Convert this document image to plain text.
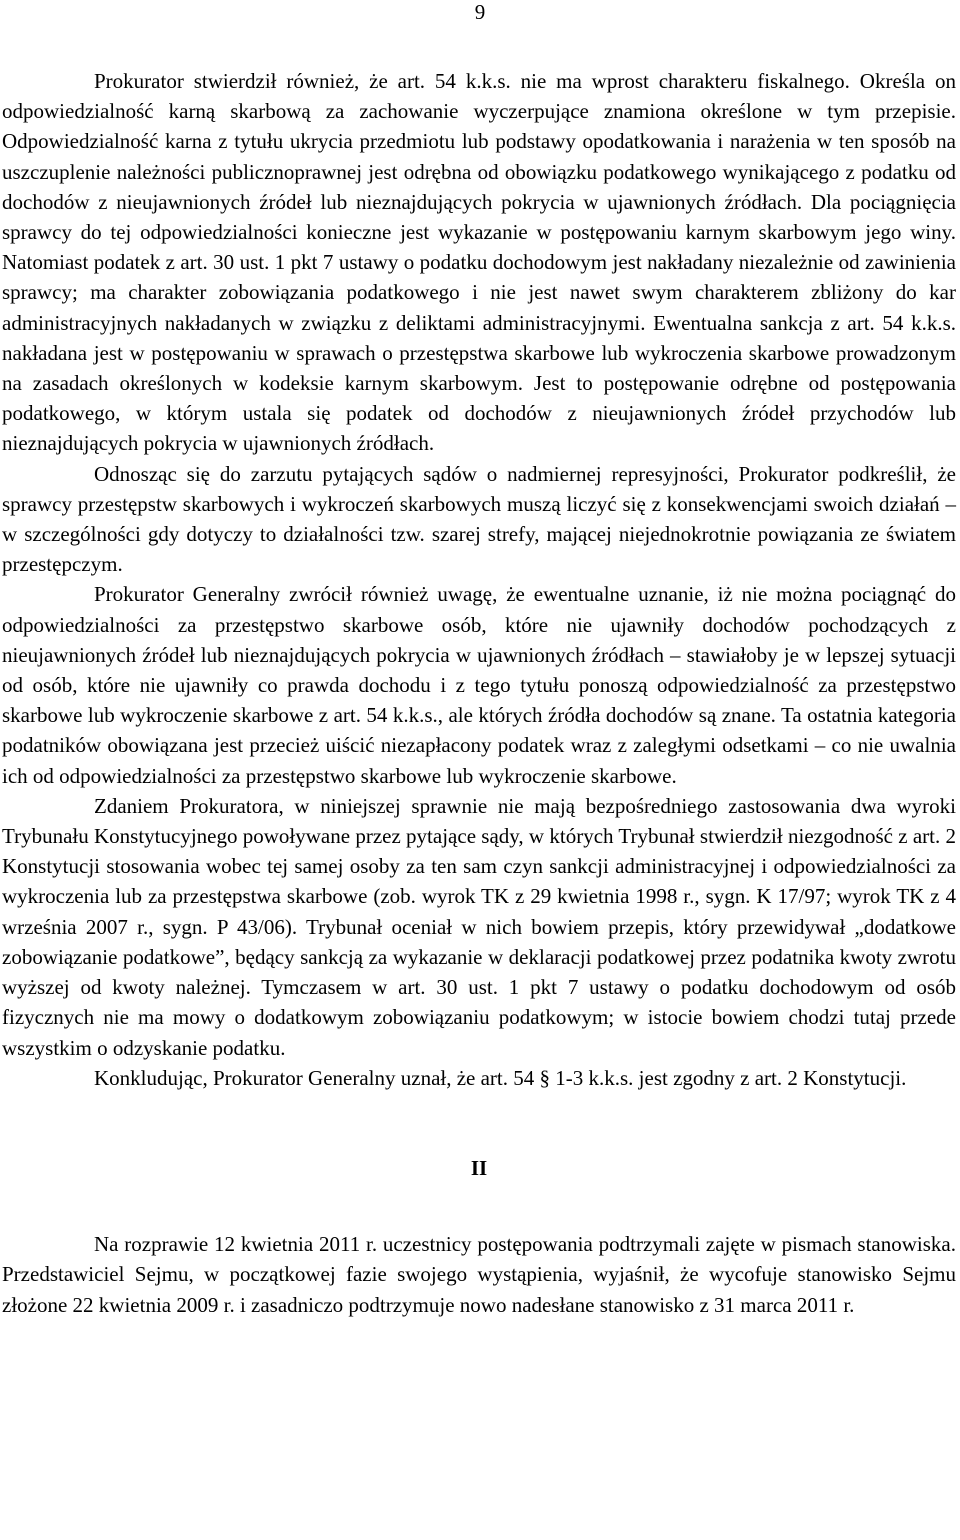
9

Prokurator stwierdził również, że art. 54 k.k.s. nie ma wprost charakteru fiskalnego. Określa on odpowiedzialność karną skarbową za zachowanie wyczerpujące znamiona określone w tym przepisie. Odpowiedzialność karna z tytułu ukrycia przedmiotu lub podstawy opodatkowania i narażenia w ten sposób na uszczuplenie należności publicznoprawnej jest odrębna od obowiązku podatkowego wynikającego z podatku od dochodów z nieujawnionych źródeł lub nieznajdujących pokrycia w ujawnionych źródłach. Dla pociągnięcia sprawcy do tej odpowiedzialności konieczne jest wykazanie w postępowaniu karnym skarbowym jego winy. Natomiast podatek z art. 30 ust. 1 pkt 7 ustawy o podatku dochodowym jest nakładany niezależnie od zawinienia sprawcy; ma charakter zobowiązania podatkowego i nie jest nawet swym charakterem zbliżony do kar administracyjnych nakładanych w związku z deliktami administracyjnymi. Ewentualna sankcja z art. 54 k.k.s. nakładana jest w postępowaniu w sprawach o przestępstwa skarbowe lub wykroczenia skarbowe prowadzonym na zasadach określonych w kodeksie karnym skarbowym. Jest to postępowanie odrębne od postępowania podatkowego, w którym ustala się podatek od dochodów z nieujawnionych źródeł przychodów lub nieznajdujących pokrycia w ujawnionych źródłach.

Odnosząc się do zarzutu pytających sądów o nadmiernej represyjności, Prokurator podkreślił, że sprawcy przestępstw skarbowych i wykroczeń skarbowych muszą liczyć się z konsekwencjami swoich działań – w szczególności gdy dotyczy to działalności tzw. szarej strefy, mającej niejednokrotnie powiązania ze światem przestępczym.

Prokurator Generalny zwrócił również uwagę, że ewentualne uznanie, iż nie można pociągnąć do odpowiedzialności za przestępstwo skarbowe osób, które nie ujawniły dochodów pochodzących z nieujawnionych źródeł lub nieznajdujących pokrycia w ujawnionych źródłach – stawiałoby je w lepszej sytuacji od osób, które nie ujawniły co prawda dochodu i z tego tytułu ponoszą odpowiedzialność za przestępstwo skarbowe lub wykroczenie skarbowe z art. 54 k.k.s., ale których źródła dochodów są znane. Ta ostatnia kategoria podatników obowiązana jest przecież uiścić niezapłacony podatek wraz z zaległymi odsetkami – co nie uwalnia ich od odpowiedzialności za przestępstwo skarbowe lub wykroczenie skarbowe.

Zdaniem Prokuratora, w niniejszej sprawnie nie mają bezpośredniego zastosowania dwa wyroki Trybunału Konstytucyjnego powoływane przez pytające sądy, w których Trybunał stwierdził niezgodność z art. 2 Konstytucji stosowania wobec tej samej osoby za ten sam czyn sankcji administracyjnej i odpowiedzialności za wykroczenia lub za przestępstwa skarbowe (zob. wyrok TK z 29 kwietnia 1998 r., sygn. K 17/97; wyrok TK z 4 września 2007 r., sygn. P 43/06). Trybunał oceniał w nich bowiem przepis, który przewidywał „dodatkowe zobowiązanie podatkowe”, będący sankcją za wykazanie w deklaracji podatkowej przez podatnika kwoty zwrotu wyższej od kwoty należnej. Tymczasem w art. 30 ust. 1 pkt 7 ustawy o podatku dochodowym od osób fizycznych nie ma mowy o dodatkowym zobowiązaniu podatkowym; w istocie bowiem chodzi tutaj przede wszystkim o odzyskanie podatku.

Konkludując, Prokurator Generalny uznał, że art. 54 § 1-3 k.k.s. jest zgodny z art. 2 Konstytucji.

II

Na rozprawie 12 kwietnia 2011 r. uczestnicy postępowania podtrzymali zajęte w pismach stanowiska. Przedstawiciel Sejmu, w początkowej fazie swojego wystąpienia, wyjaśnił, że wycofuje stanowisko Sejmu złożone 22 kwietnia 2009 r. i zasadniczo podtrzymuje nowo nadesłane stanowisko z 31 marca 2011 r.
